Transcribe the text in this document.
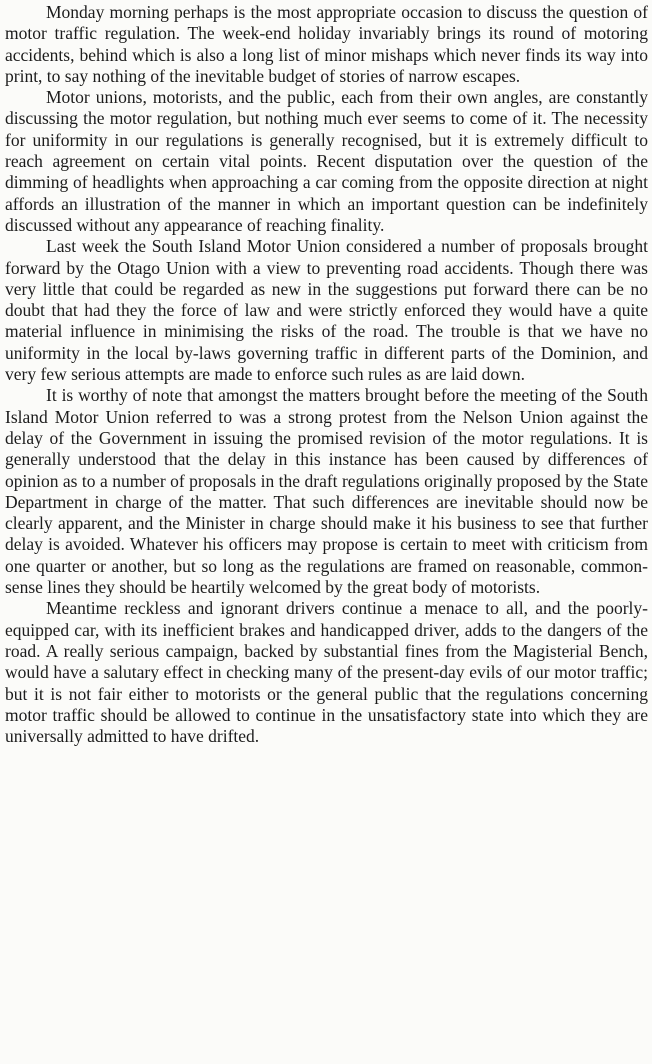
Monday morning perhaps is the most appropriate occasion to discuss the question of motor traffic regulation. The week-end holiday invariably brings its round of motoring accidents, behind which is also a long list of minor mishaps which never finds its way into print, to say nothing of the inevitable budget of stories of narrow escapes.

Motor unions, motorists, and the public, each from their own angles, are constantly discussing the motor regulation, but nothing much ever seems to come of it. The necessity for uniformity in our regulations is generally recognised, but it is extremely difficult to reach agreement on certain vital points. Recent disputation over the question of the dimming of headlights when approaching a car coming from the opposite direction at night affords an illustration of the manner in which an important question can be indefinitely discussed without any appearance of reaching finality.

Last week the South Island Motor Union considered a number of proposals brought forward by the Otago Union with a view to preventing road accidents. Though there was very little that could be regarded as new in the suggestions put forward there can be no doubt that had they the force of law and were strictly enforced they would have a quite material influence in minimising the risks of the road. The trouble is that we have no uniformity in the local by-laws governing traffic in different parts of the Dominion, and very few serious attempts are made to enforce such rules as are laid down.

It is worthy of note that amongst the matters brought before the meeting of the South Island Motor Union referred to was a strong protest from the Nelson Union against the delay of the Government in issuing the promised revision of the motor regulations. It is generally understood that the delay in this instance has been caused by differences of opinion as to a number of proposals in the draft regulations originally proposed by the State Department in charge of the matter. That such differences are inevitable should now be clearly apparent, and the Minister in charge should make it his business to see that further delay is avoided. Whatever his officers may propose is certain to meet with criticism from one quarter or another, but so long as the regulations are framed on reasonable, common-sense lines they should be heartily welcomed by the great body of motorists.

Meantime reckless and ignorant drivers continue a menace to all, and the poorly-equipped car, with its inefficient brakes and handicapped driver, adds to the dangers of the road. A really serious campaign, backed by substantial fines from the Magisterial Bench, would have a salutary effect in checking many of the present-day evils of our motor traffic; but it is not fair either to motorists or the general public that the regulations concerning motor traffic should be allowed to continue in the unsatisfactory state into which they are universally admitted to have drifted.
